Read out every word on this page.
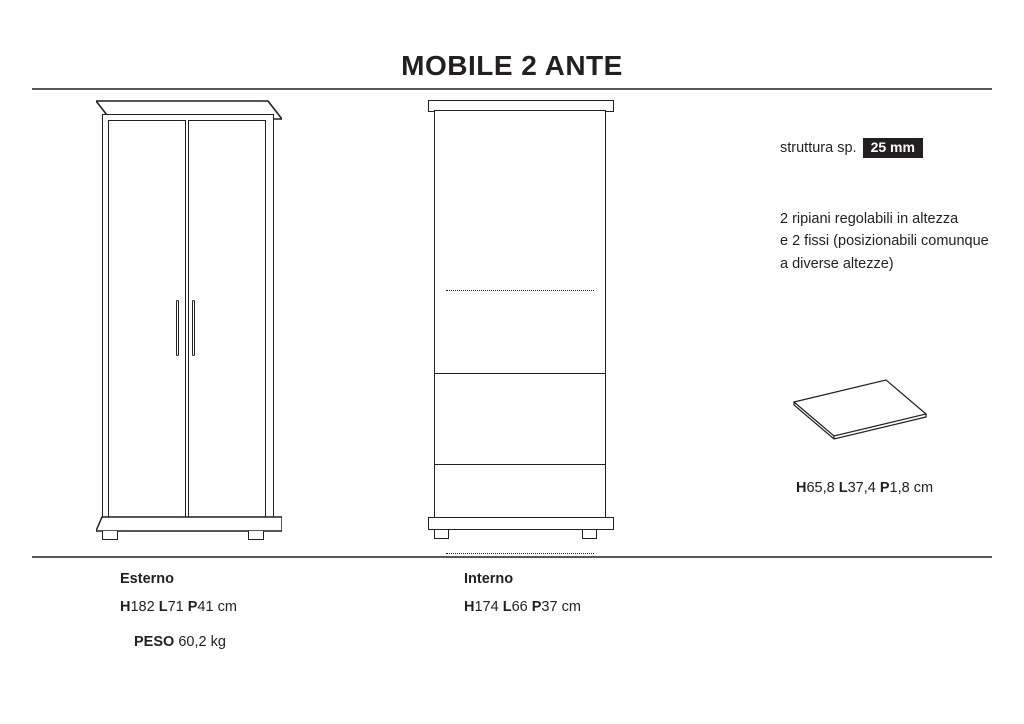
MOBILE 2 ANTE
struttura sp.	25 mm
2 ripiani regolabili in altezza
e 2 fissi (posizionabili comunque
a diverse altezze)
H65,8 L37,4 P1,8 cm
Esterno
H182 L71 P41 cm
PESO 60,2 kg
Interno
H174 L66 P37 cm
